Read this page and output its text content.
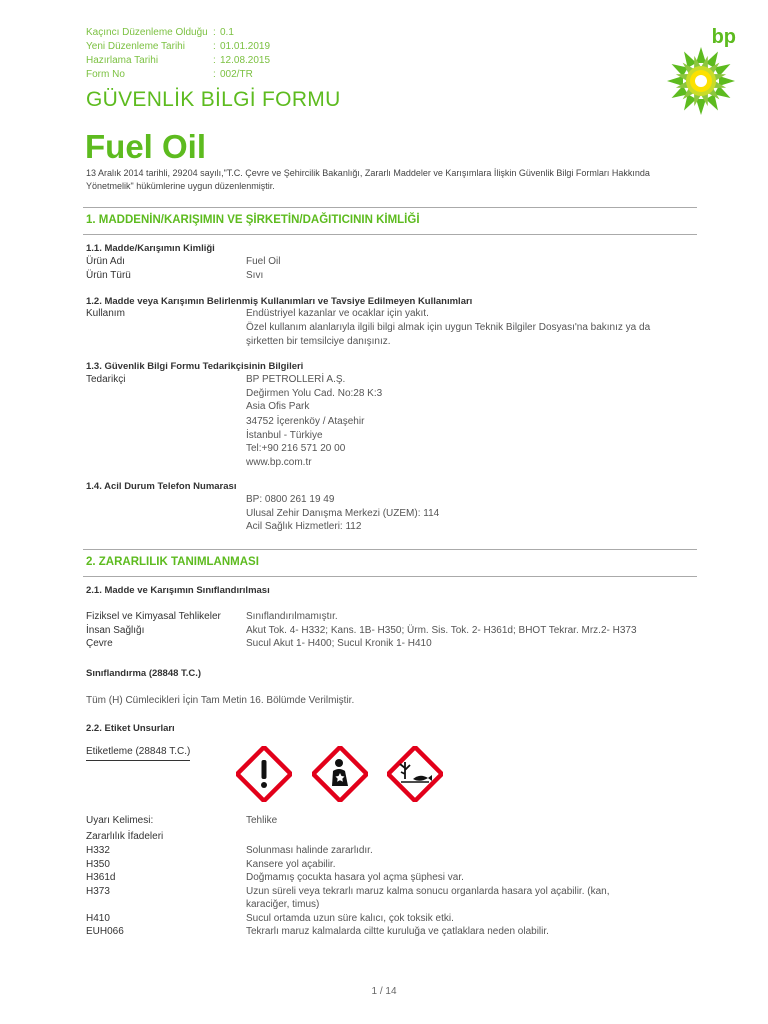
Kaçıncı Düzenleme Olduğu : 0.1
Yeni Düzenleme Tarihi	: 01.01.2019
Hazırlama Tarihi	: 12.08.2015
Form No	: 002/TR
bp
GÜVENLİK BİLGİ FORMU
Fuel Oil
13 Aralık 2014 tarihli, 29204 sayılı,"T.C. Çevre ve Şehircilik Bakanlığı, Zararlı Maddeler ve Karışımlara İlişkin Güvenlik Bilgi Formları Hakkında Yönetmelik" hükümlerine uygun düzenlenmiştir.
1. MADDENİN/KARIŞIMIN VE ŞİRKETİN/DAĞITICININ KİMLİĞİ
1.1. Madde/Karışımın Kimliği
Ürün Adı	Fuel Oil
Ürün Türü	Sıvı
1.2. Madde veya Karışımın Belirlenmiş Kullanımları ve Tavsiye Edilmeyen Kullanımları
Kullanım	Endüstriyel kazanlar ve ocaklar için yakıt.
Özel kullanım alanlarıyla ilgili bilgi almak için uygun Teknik Bilgiler Dosyası'na bakınız ya da
şirketten bir temsilciye danışınız.
1.3. Güvenlik Bilgi Formu Tedarikçisinin Bilgileri
Tedarikçi	BP PETROLLERİ A.Ş.
Değirmen Yolu Cad. No:28 K:3
Asia Ofis Park
34752 İçerenköy / Ataşehir
İstanbul - Türkiye
Tel:+90 216 571 20 00
www.bp.com.tr
1.4. Acil Durum Telefon Numarası
BP: 0800 261 19 49
Ulusal Zehir Danışma Merkezi (UZEM): 114
Acil Sağlık Hizmetleri: 112
2. ZARARLILIK TANIMLANMASI
2.1. Madde ve Karışımın Sınıflandırılması
Fiziksel ve Kimyasal Tehlikeler	Sınıflandırılmamıştır.
İnsan Sağlığı	Akut Tok. 4- H332; Kans. 1B- H350; Ürm. Sis. Tok. 2- H361d; BHOT Tekrar. Mrz.2- H373
Çevre	Sucul Akut 1- H400; Sucul Kronik 1- H410
Sınıflandırma (28848 T.C.)
Tüm (H) Cümlecikleri İçin Tam Metin 16. Bölümde Verilmiştir.
2.2. Etiket Unsurları
Etiketleme (28848 T.C.)
Uyarı Kelimesi:	Tehlike
Zararlılık İfadeleri
H332	Solunması halinde zararlıdır.
H350	Kansere yol açabilir.
H361d	Doğmamış çocukta hasara yol açma şüphesi var.
H373	Uzun süreli veya tekrarlı maruz kalma sonucu organlarda hasara yol açabilir. (kan,
karaciğer, timus)
H410	Sucul ortamda uzun süre kalıcı, çok toksik etki.
EUH066	Tekrarlı maruz kalmalarda ciltte kuruluğa ve çatlaklara neden olabilir.
1 / 14
